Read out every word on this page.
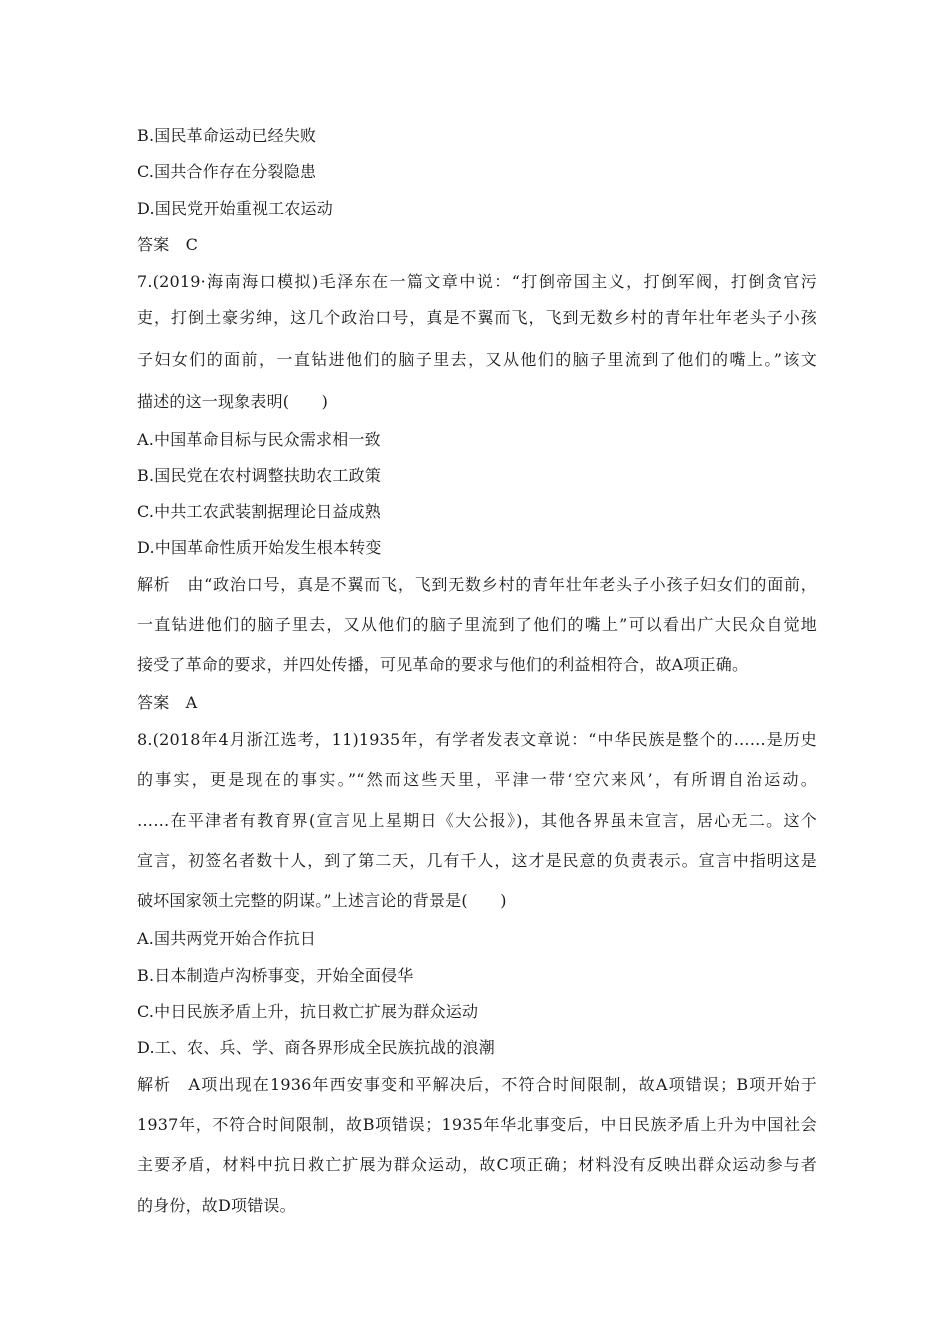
B.国民革命运动已经失败
C.国共合作存在分裂隐患
D.国民党开始重视工农运动
答案　C
7.(2019·海南海口模拟)毛泽东在一篇文章中说：“打倒帝国主义，打倒军阀，打倒贪官污
吏，打倒土豪劣绅，这几个政治口号，真是不翼而飞，飞到无数乡村的青年壮年老头子小孩
子妇女们的面前，一直钻进他们的脑子里去，又从他们的脑子里流到了他们的嘴上。”该文
描述的这一现象表明(　　)
A.中国革命目标与民众需求相一致
B.国民党在农村调整扶助农工政策
C.中共工农武装割据理论日益成熟
D.中国革命性质开始发生根本转变
解析　由“政治口号，真是不翼而飞，飞到无数乡村的青年壮年老头子小孩子妇女们的面前，
一直钻进他们的脑子里去，又从他们的脑子里流到了他们的嘴上”可以看出广大民众自觉地
接受了革命的要求，并四处传播，可见革命的要求与他们的利益相符合，故A项正确。
答案　A
8.(2018年4月浙江选考，11)1935年，有学者发表文章说：“中华民族是整个的……是历史
的事实，更是现在的事实。”“然而这些天里，平津一带‘空穴来风’，有所谓自治运动。
……在平津者有教育界(宣言见上星期日《大公报》)，其他各界虽未宣言，居心无二。这个
宣言，初签名者数十人，到了第二天，几有千人，这才是民意的负责表示。宣言中指明这是
破坏国家领土完整的阴谋。”上述言论的背景是(　　)
A.国共两党开始合作抗日
B.日本制造卢沟桥事变，开始全面侵华
C.中日民族矛盾上升，抗日救亡扩展为群众运动
D.工、农、兵、学、商各界形成全民族抗战的浪潮
解析　A项出现在1936年西安事变和平解决后，不符合时间限制，故A项错误；B项开始于
1937年，不符合时间限制，故B项错误；1935年华北事变后，中日民族矛盾上升为中国社会
主要矛盾，材料中抗日救亡扩展为群众运动，故C项正确；材料没有反映出群众运动参与者
的身份，故D项错误。
